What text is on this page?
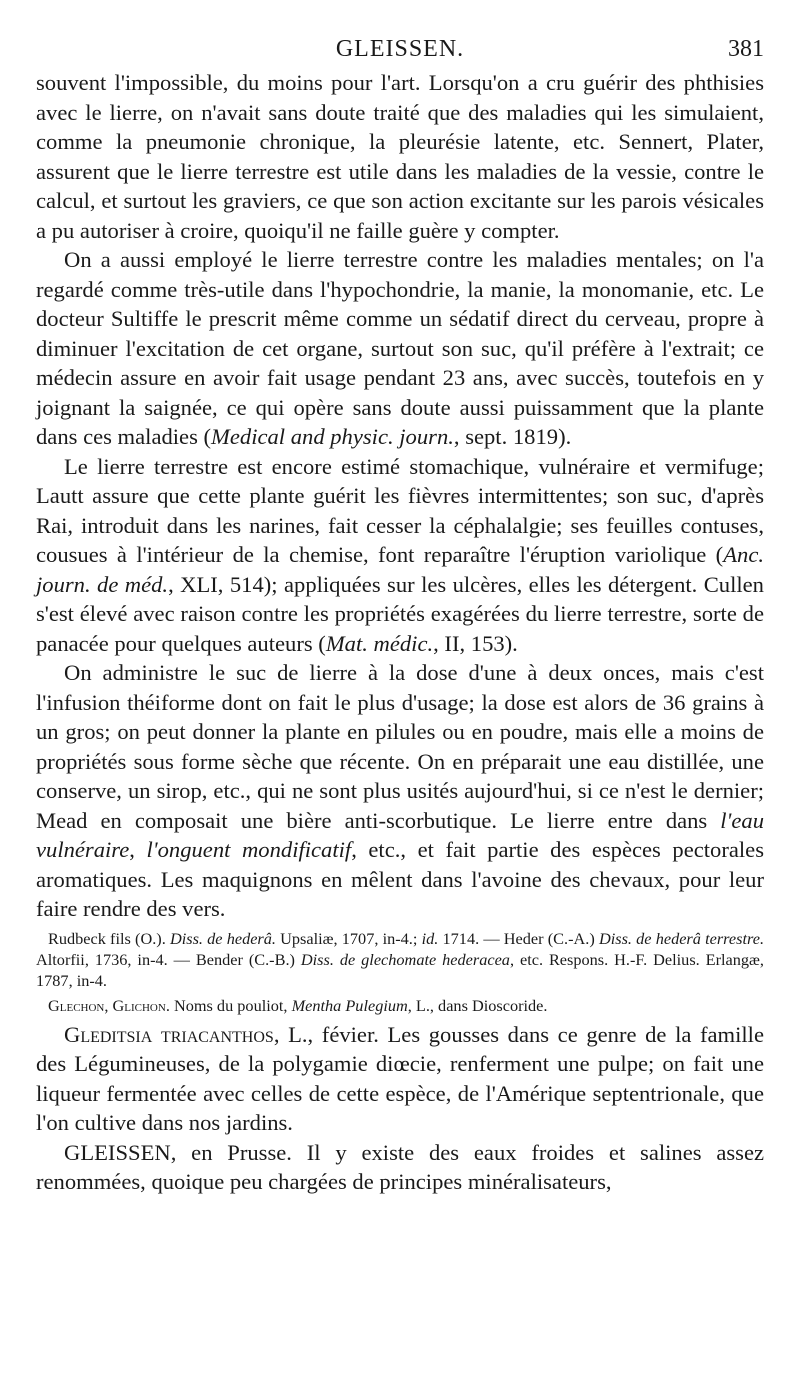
GLEISSEN.	381

souvent l'impossible, du moins pour l'art. Lorsqu'on a cru guérir des phthisies avec le lierre, on n'avait sans doute traité que des maladies qui les simulaient, comme la pneumonie chronique, la pleurésie latente, etc. Sennert, Plater, assurent que le lierre terrestre est utile dans les maladies de la vessie, contre le calcul, et surtout les graviers, ce que son action excitante sur les parois vésicales a pu autoriser à croire, quoiqu'il ne faille guère y compter.

On a aussi employé le lierre terrestre contre les maladies mentales; on l'a regardé comme très-utile dans l'hypochondrie, la manie, la monomanie, etc. Le docteur Sultiffe le prescrit même comme un sédatif direct du cerveau, propre à diminuer l'excitation de cet organe, surtout son suc, qu'il préfère à l'extrait; ce médecin assure en avoir fait usage pendant 23 ans, avec succès, toutefois en y joignant la saignée, ce qui opère sans doute aussi puissamment que la plante dans ces maladies (Medical and physic. journ., sept. 1819).

Le lierre terrestre est encore estimé stomachique, vulnéraire et vermifuge; Lautt assure que cette plante guérit les fièvres intermittentes; son suc, d'après Rai, introduit dans les narines, fait cesser la céphalalgie; ses feuilles contuses, cousues à l'intérieur de la chemise, font reparaître l'éruption variolique (Anc. journ. de méd., XLI, 514); appliquées sur les ulcères, elles les détergent. Cullen s'est élevé avec raison contre les propriétés exagérées du lierre terrestre, sorte de panacée pour quelques auteurs (Mat. médic., II, 153).

On administre le suc de lierre à la dose d'une à deux onces, mais c'est l'infusion théiforme dont on fait le plus d'usage; la dose est alors de 36 grains à un gros; on peut donner la plante en pilules ou en poudre, mais elle a moins de propriétés sous forme sèche que récente. On en préparait une eau distillée, une conserve, un sirop, etc., qui ne sont plus usités aujourd'hui, si ce n'est le dernier; Mead en composait une bière anti-scorbutique. Le lierre entre dans l'eau vulnéraire, l'onguent mondificatif, etc., et fait partie des espèces pectorales aromatiques. Les maquignons en mêlent dans l'avoine des chevaux, pour leur faire rendre des vers.

Rudbeck fils (O.). Diss. de hederâ. Upsaliæ, 1707, in-4.; id. 1714. — Heder (C.-A.) Diss. de hederâ terrestre. Altorfii, 1736, in-4. — Bender (C.-B.) Diss. de glechomate hederacea, etc. Respons. H.-F. Delius. Erlangæ, 1787, in-4.

Glechon, Glichon. Noms du pouliot, Mentha Pulegium, L., dans Dioscoride.

Gleditsia triacanthos, L., févier. Les gousses dans ce genre de la famille des Légumineuses, de la polygamie diœcie, renferment une pulpe; on fait une liqueur fermentée avec celles de cette espèce, de l'Amérique septentrionale, que l'on cultive dans nos jardins.

GLEISSEN, en Prusse. Il y existe des eaux froides et salines assez renommées, quoique peu chargées de principes minéralisateurs,
